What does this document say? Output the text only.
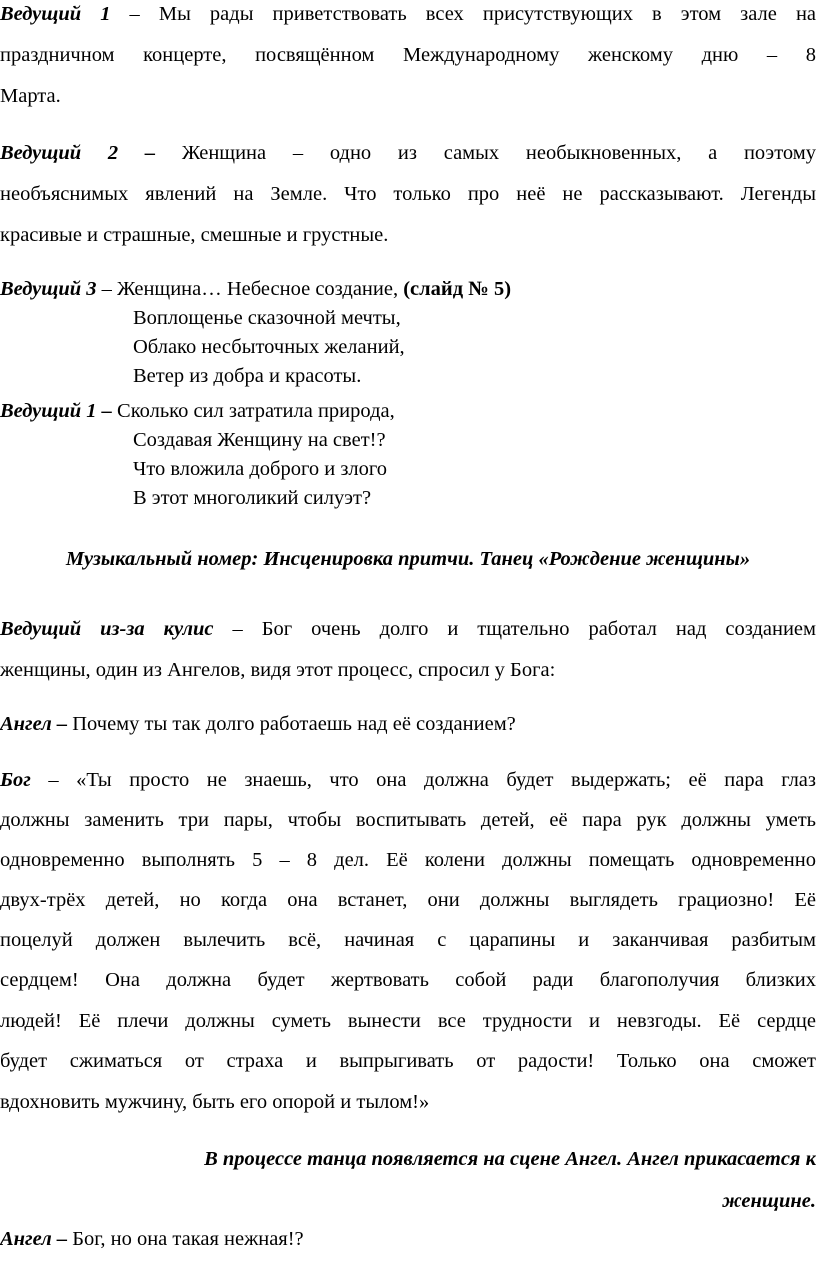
Ведущий 1 – Мы рады приветствовать всех присутствующих в этом зале на
праздничном концерте, посвящённом Международному женскому дню – 8
Марта.
Ведущий 2 – Женщина – одно из самых необыкновенных, а поэтому
необъяснимых явлений на Земле. Что только про неё не рассказывают. Легенды
красивые и страшные, смешные и грустные.
Ведущий 3 – Женщина… Небесное создание, (слайд № 5)
Воплощенье сказочной мечты,
Облако несбыточных желаний,
Ветер из добра и красоты.
Ведущий 1 – Сколько сил затратила природа,
Создавая Женщину на свет!?
Что вложила доброго и злого
В этот многоликий силуэт?
Музыкальный номер: Инсценировка притчи. Танец «Рождение женщины»
Ведущий из-за кулис – Бог очень долго и тщательно работал над созданием
женщины, один из Ангелов, видя этот процесс, спросил у Бога:
Ангел – Почему ты так долго работаешь над её созданием?
Бог – «Ты просто не знаешь, что она должна будет выдержать; её пара глаз
должны заменить три пары, чтобы воспитывать детей, её пара рук должны уметь
одновременно выполнять 5 – 8 дел. Её колени должны помещать одновременно
двух-трёх детей, но когда она встанет, они должны выглядеть грациозно! Её
поцелуй должен вылечить всё, начиная с царапины и заканчивая разбитым
сердцем! Она должна будет жертвовать собой ради благополучия близких
людей! Её плечи должны суметь вынести все трудности и невзгоды. Её сердце
будет сжиматься от страха и выпрыгивать от радости! Только она сможет
вдохновить мужчину, быть его опорой и тылом!»
В процессе танца появляется на сцене Ангел. Ангел прикасается к
женщине.
Ангел – Бог, но она такая нежная!?
